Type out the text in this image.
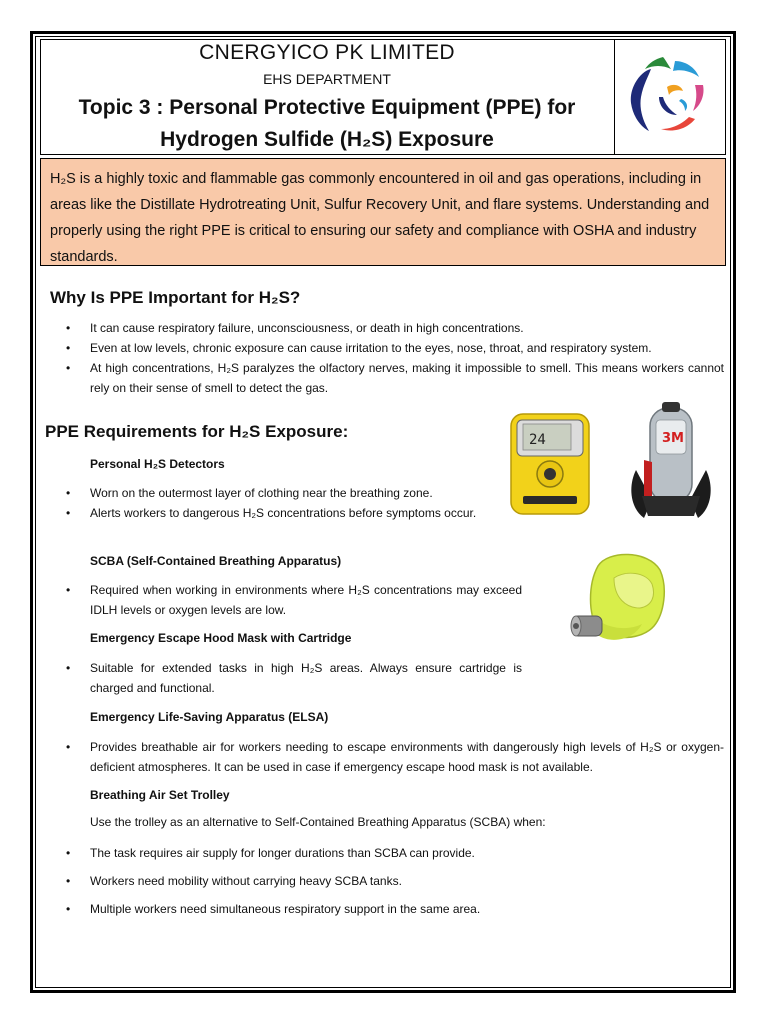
CNERGYICO PK LIMITED
EHS DEPARTMENT
Topic 3 : Personal Protective Equipment (PPE) for
Hydrogen Sulfide (H₂S) Exposure
H₂S is a highly toxic and flammable gas commonly encountered in oil and gas operations, including in areas like the Distillate Hydrotreating Unit, Sulfur Recovery Unit, and flare systems. Understanding and properly using the right PPE is critical to ensuring our safety and compliance with OSHA and industry standards.
Why Is PPE Important for H₂S?
• It can cause respiratory failure, unconsciousness, or death in high concentrations.
• Even at low levels, chronic exposure can cause irritation to the eyes, nose, throat, and respiratory system.
• At high concentrations, H₂S paralyzes the olfactory nerves, making it impossible to smell. This means workers cannot rely on their sense of smell to detect the gas.
PPE Requirements for H₂S Exposure:

Personal H₂S Detectors

• Worn on the outermost layer of clothing near the breathing zone.
• Alerts workers to dangerous H₂S concentrations before symptoms occur.

SCBA (Self-Contained Breathing Apparatus)

• Required when working in environments where H₂S concentrations may exceed IDLH levels or oxygen levels are low.

Emergency Escape Hood Mask with Cartridge

• Suitable for extended tasks in high H₂S areas. Always ensure cartridge is charged and functional.

Emergency Life-Saving Apparatus (ELSA)

• Provides breathable air for workers needing to escape environments with dangerously high levels of H₂S or oxygen-deficient atmospheres. It can be used in case if emergency escape hood mask is not available.

Breathing Air Set Trolley

Use the trolley as an alternative to Self-Contained Breathing Apparatus (SCBA) when:

• The task requires air supply for longer durations than SCBA can provide.
• Workers need mobility without carrying heavy SCBA tanks.
• Multiple workers need simultaneous respiratory support in the same area.
24	3M
